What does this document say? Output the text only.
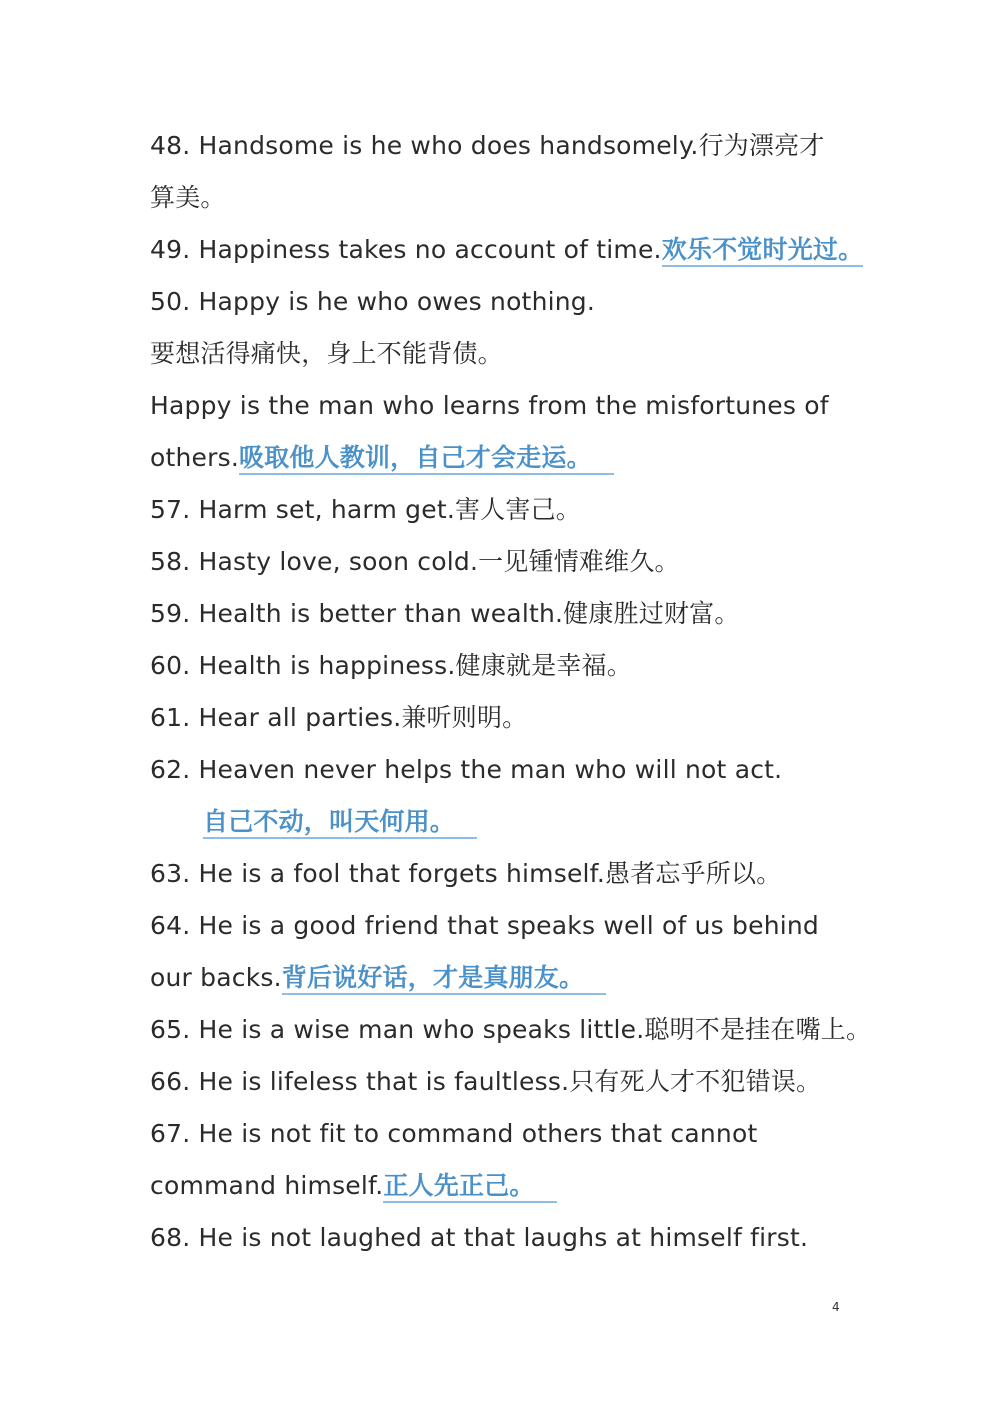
48. Handsome is he who does handsomely.行为漂亮才
算美。
49. Happiness takes no account of time.欢乐不觉时光过。
50. Happy is he who owes nothing.
要想活得痛快，身上不能背债。
Happy is the man who learns from the misfortunes of
others.吸取他人教训，自己才会走运。
57. Harm set, harm get.害人害己。
58. Hasty love, soon cold.一见锺情难维久。
59. Health is better than wealth.健康胜过财富。
60. Health is happiness.健康就是幸福。
61. Hear all parties.兼听则明。
62. Heaven never helps the man who will not act.
自己不动，叫天何用。
63. He is a fool that forgets himself.愚者忘乎所以。
64. He is a good friend that speaks well of us behind
our backs.背后说好话，才是真朋友。
65. He is a wise man who speaks little.聪明不是挂在嘴上。
66. He is lifeless that is faultless.只有死人才不犯错误。
67. He is not fit to command others that cannot
command himself.正人先正己。
68. He is not laughed at that laughs at himself first.
4
